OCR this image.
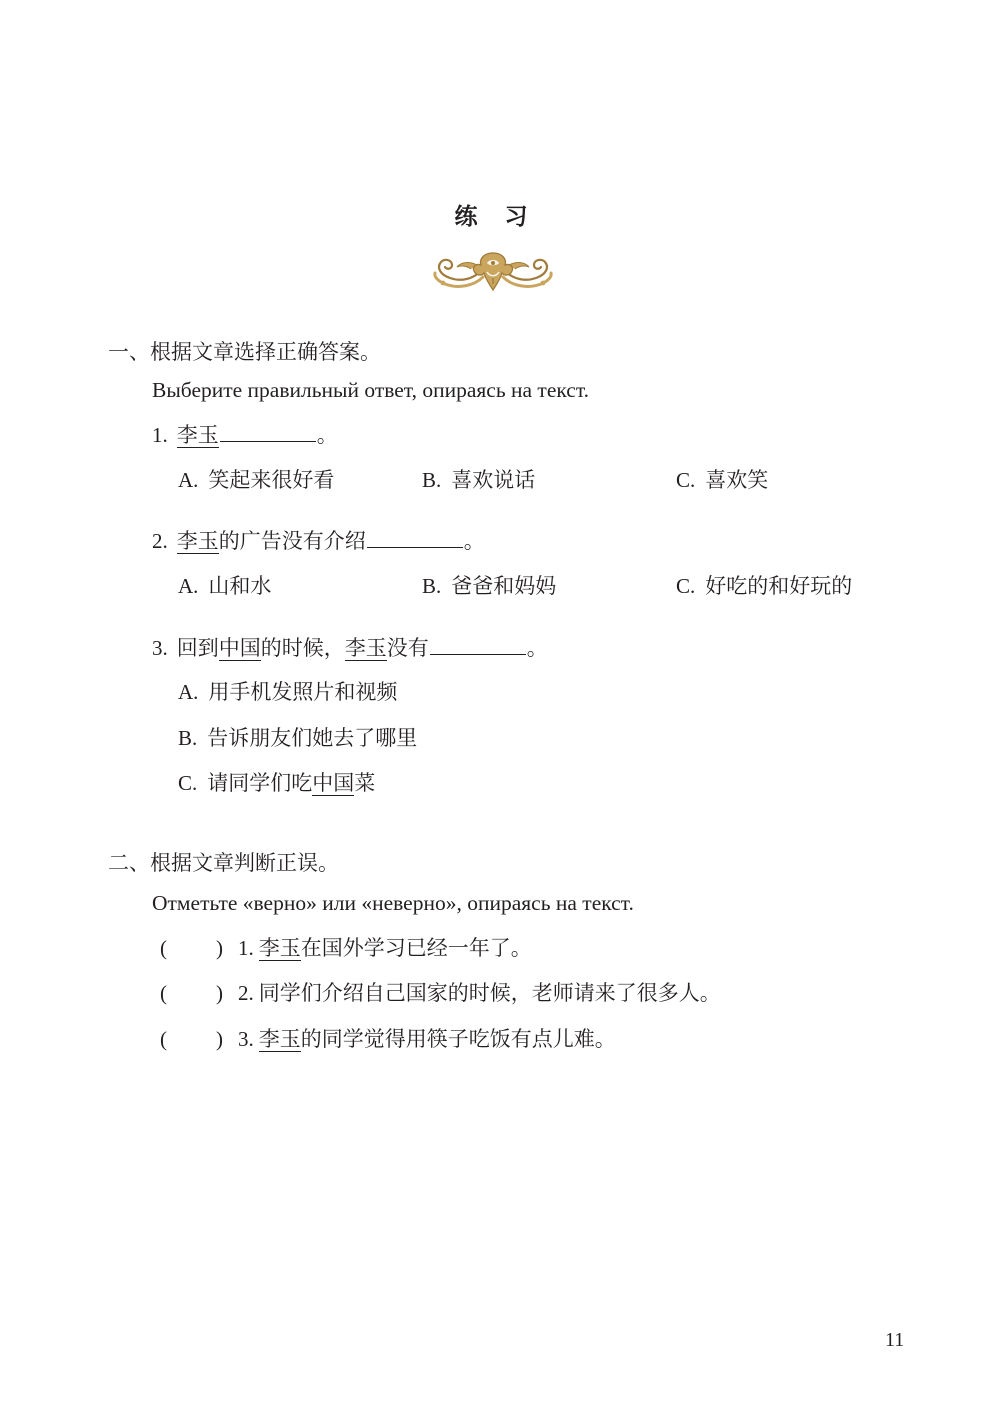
练　习
一、根据文章选择正确答案。
Выберите правильный ответ, опираясь на текст.
1. 李玉	。
A. 笑起来很好看	B. 喜欢说话	C. 喜欢笑
2. 李玉的广告没有介绍	。
A. 山和水	B. 爸爸和妈妈	C. 好吃的和好玩的
3. 回到中国的时候，李玉没有	。
A. 用手机发照片和视频
B. 告诉朋友们她去了哪里
C. 请同学们吃中国菜
二、根据文章判断正误。
Отметьте «верно» или «неверно», опираясь на текст.
( ) 1. 李玉在国外学习已经一年了。
( ) 2. 同学们介绍自己国家的时候，老师请来了很多人。
( ) 3. 李玉的同学觉得用筷子吃饭有点儿难。
11
